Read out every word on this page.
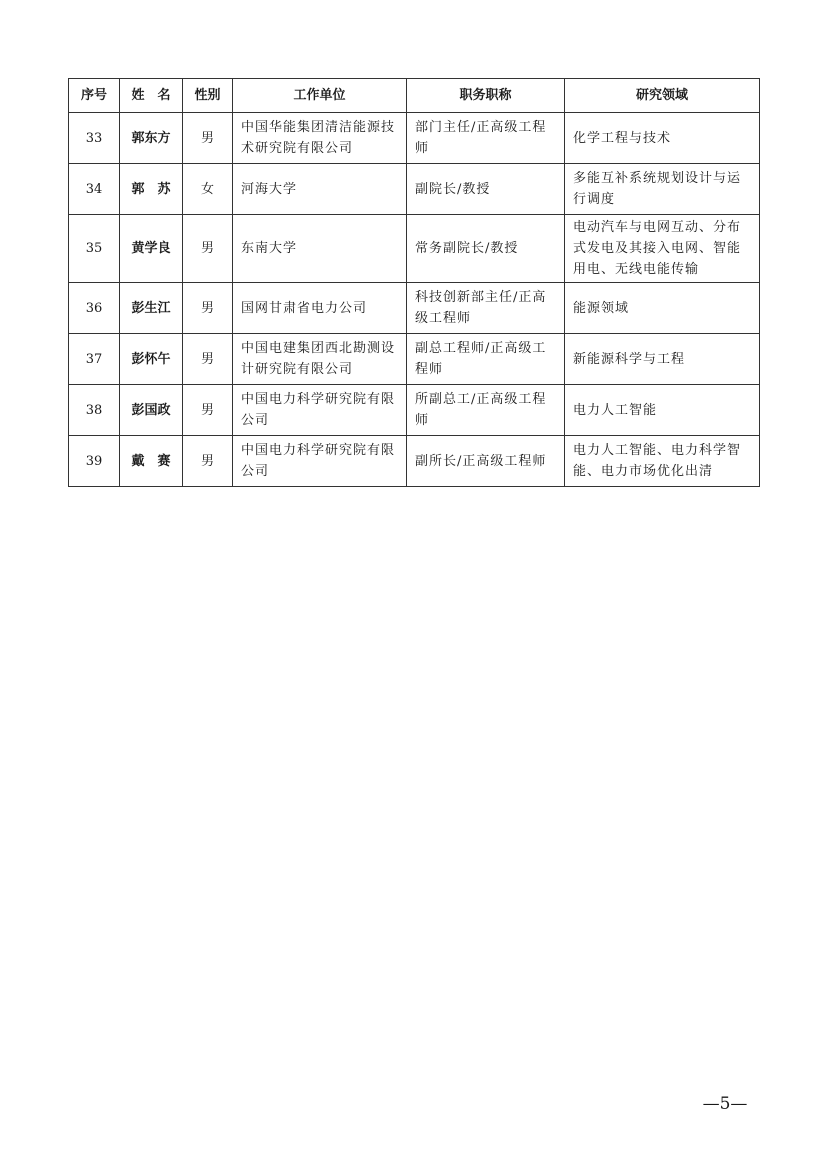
序号	姓　名	性别	工作单位	职务职称	研究领域
33	郭东方	男	中国华能集团清洁能源技术研究院有限公司	部门主任/正高级工程师	化学工程与技术
34	郭　苏	女	河海大学	副院长/教授	多能互补系统规划设计与运行调度
35	黄学良	男	东南大学	常务副院长/教授	电动汽车与电网互动、分布式发电及其接入电网、智能用电、无线电能传输
36	彭生江	男	国网甘肃省电力公司	科技创新部主任/正高级工程师	能源领域
37	彭怀午	男	中国电建集团西北勘测设计研究院有限公司	副总工程师/正高级工程师	新能源科学与工程
38	彭国政	男	中国电力科学研究院有限公司	所副总工/正高级工程师	电力人工智能
39	戴　赛	男	中国电力科学研究院有限公司	副所长/正高级工程师	电力人工智能、电力科学智能、电力市场优化出清
—5—
